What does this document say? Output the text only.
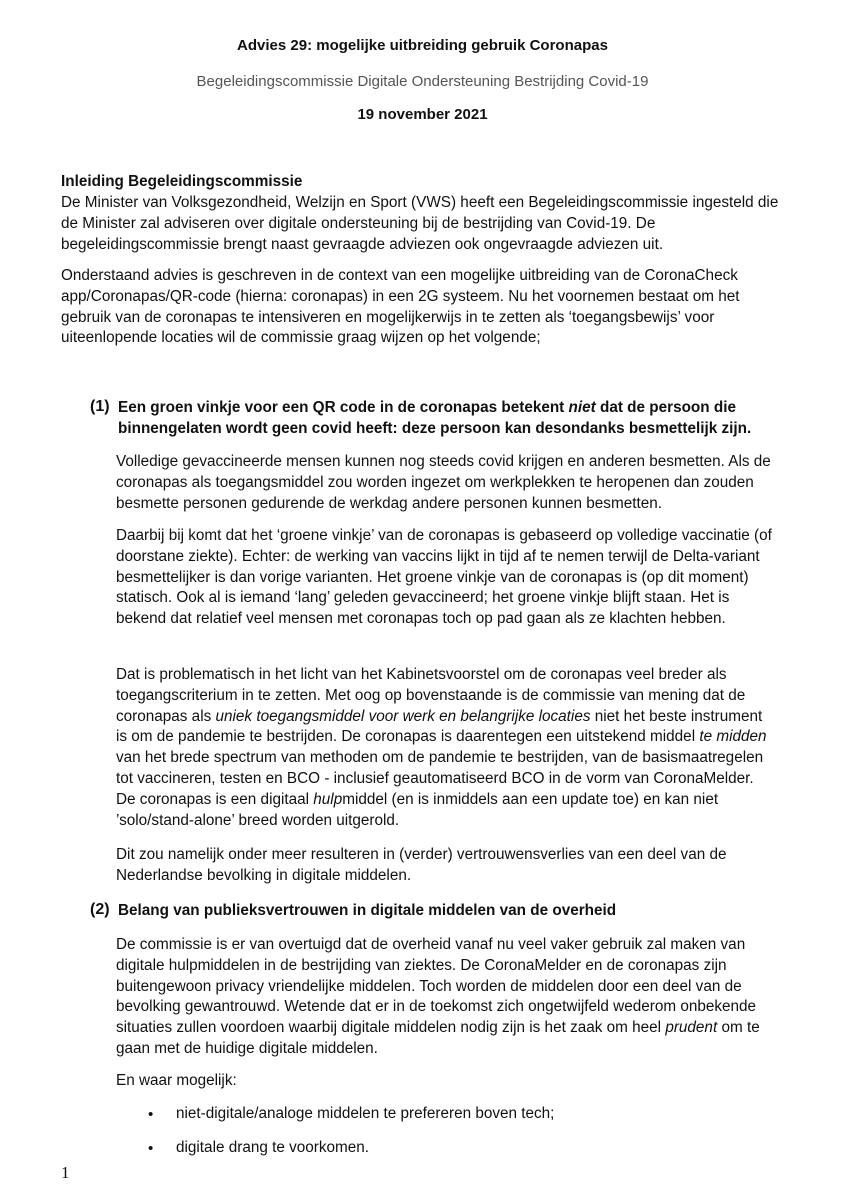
Advies 29: mogelijke uitbreiding gebruik Coronapas
Begeleidingscommissie Digitale Ondersteuning Bestrijding Covid-19
19 november 2021
Inleiding Begeleidingscommissie
De Minister van Volksgezondheid, Welzijn en Sport (VWS) heeft een Begeleidingscommissie ingesteld die de Minister zal adviseren over digitale ondersteuning bij de bestrijding van Covid-19. De begeleidingscommissie brengt naast gevraagde adviezen ook ongevraagde adviezen uit.
Onderstaand advies is geschreven in de context van een mogelijke uitbreiding van de CoronaCheck app/Coronapas/QR-code (hierna: coronapas) in een 2G systeem. Nu het voornemen bestaat om het gebruik van de coronapas te intensiveren en mogelijkerwijs in te zetten als ‘toegangsbewijs’ voor uiteenlopende locaties wil de commissie graag wijzen op het volgende;
(1) Een groen vinkje voor een QR code in de coronapas betekent niet dat de persoon die binnengelaten wordt geen covid heeft: deze persoon kan desondanks besmettelijk zijn.
Volledige gevaccineerde mensen kunnen nog steeds covid krijgen en anderen besmetten. Als de coronapas als toegangsmiddel zou worden ingezet om werkplekken te heropenen dan zouden besmette personen gedurende de werkdag andere personen kunnen besmetten.
Daarbij bij komt dat het ‘groene vinkje’ van de coronapas is gebaseerd op volledige vaccinatie (of doorstane ziekte). Echter: de werking van vaccins lijkt in tijd af te nemen terwijl de Delta-variant besmettelijker is dan vorige varianten. Het groene vinkje van de coronapas is (op dit moment) statisch. Ook al is iemand ‘lang’ geleden gevaccineerd; het groene vinkje blijft staan. Het is bekend dat relatief veel mensen met coronapas toch op pad gaan als ze klachten hebben.
Dat is problematisch in het licht van het Kabinetsvoorstel om de coronapas veel breder als toegangscriterium in te zetten. Met oog op bovenstaande is de commissie van mening dat de coronapas als uniek toegangsmiddel voor werk en belangrijke locaties niet het beste instrument is om de pandemie te bestrijden. De coronapas is daarentegen een uitstekend middel te midden van het brede spectrum van methoden om de pandemie te bestrijden, van de basismaatregelen tot vaccineren, testen en BCO - inclusief geautomatiseerd BCO in de vorm van CoronaMelder. De coronapas is een digitaal hulpmiddel (en is inmiddels aan een update toe) en kan niet ’solo/stand-alone’ breed worden uitgerold.
Dit zou namelijk onder meer resulteren in (verder) vertrouwensverlies van een deel van de Nederlandse bevolking in digitale middelen.
(2) Belang van publieksvertrouwen in digitale middelen van de overheid
De commissie is er van overtuigd dat de overheid vanaf nu veel vaker gebruik zal maken van digitale hulpmiddelen in de bestrijding van ziektes. De CoronaMelder en de coronapas zijn buitengewoon privacy vriendelijke middelen. Toch worden de middelen door een deel van de bevolking gewantrouwd. Wetende dat er in de toekomst zich ongetwijfeld wederom onbekende situaties zullen voordoen waarbij digitale middelen nodig zijn is het zaak om heel prudent om te gaan met de huidige digitale middelen.
En waar mogelijk:
• niet-digitale/analoge middelen te prefereren boven tech;
• digitale drang te voorkomen.
1
